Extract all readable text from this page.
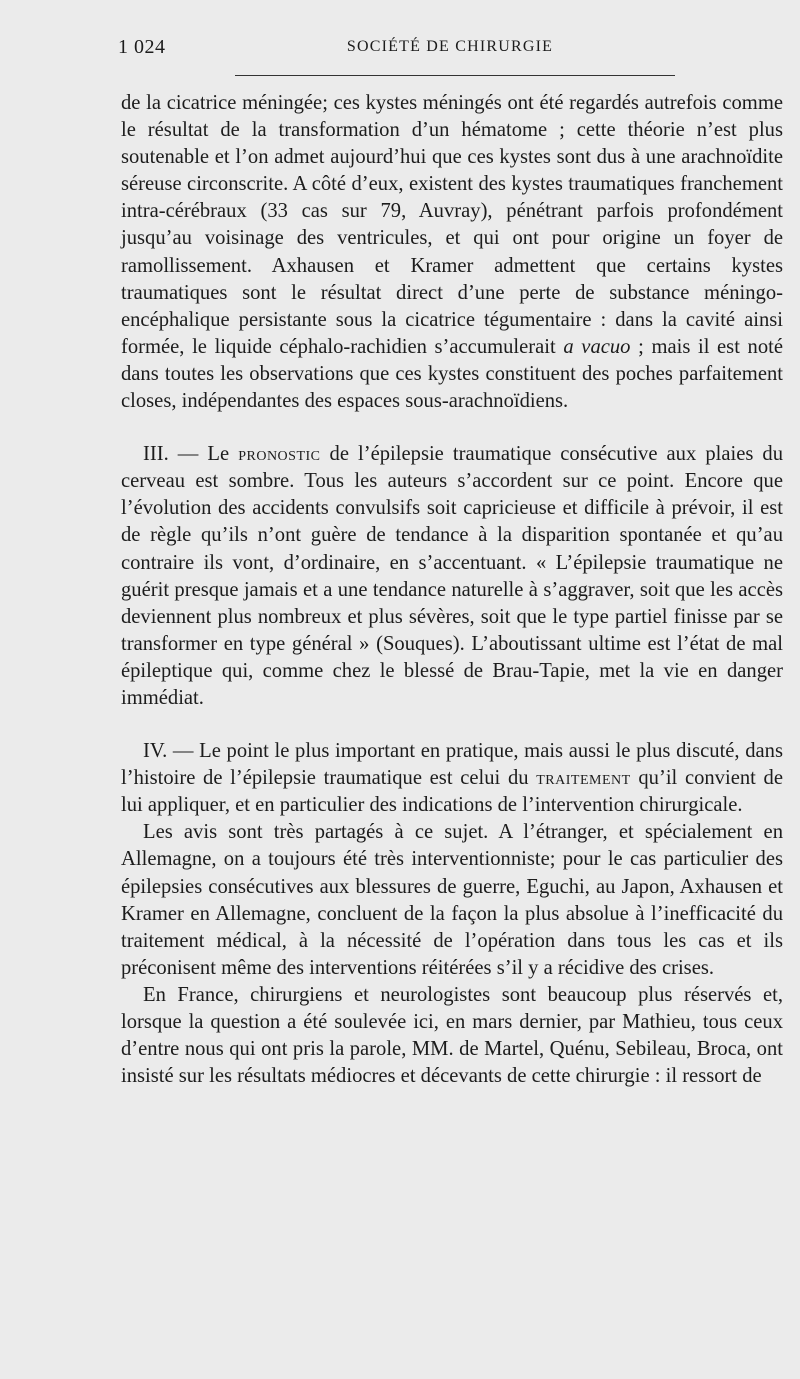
1 024	SOCIÉTÉ DE CHIRURGIE

de la cicatrice méningée; ces kystes méningés ont été regardés autrefois comme le résultat de la transformation d’un hématome ; cette théorie n’est plus soutenable et l’on admet aujourd’hui que ces kystes sont dus à une arachnoïdite séreuse circonscrite. A côté d’eux, existent des kystes traumatiques franchement intra-cérébraux (33 cas sur 79, Auvray), pénétrant parfois profondément jusqu’au voisinage des ventricules, et qui ont pour origine un foyer de ramollissement. Axhausen et Kramer admettent que certains kystes traumatiques sont le résultat direct d’une perte de substance méningo-encéphalique persistante sous la cicatrice tégumentaire : dans la cavité ainsi formée, le liquide céphalo-rachidien s’accumulerait a vacuo ; mais il est noté dans toutes les observations que ces kystes constituent des poches parfaitement closes, indépendantes des espaces sous-arachnoïdiens.

III. — Le pronostic de l’épilepsie traumatique consécutive aux plaies du cerveau est sombre. Tous les auteurs s’accordent sur ce point. Encore que l’évolution des accidents convulsifs soit capricieuse et difficile à prévoir, il est de règle qu’ils n’ont guère de tendance à la disparition spontanée et qu’au contraire ils vont, d’ordinaire, en s’accentuant. « L’épilepsie traumatique ne guérit presque jamais et a une tendance naturelle à s’aggraver, soit que les accès deviennent plus nombreux et plus sévères, soit que le type partiel finisse par se transformer en type général » (Souques). L’aboutissant ultime est l’état de mal épileptique qui, comme chez le blessé de Brau-Tapie, met la vie en danger immédiat.

IV. — Le point le plus important en pratique, mais aussi le plus discuté, dans l’histoire de l’épilepsie traumatique est celui du traitement qu’il convient de lui appliquer, et en particulier des indications de l’intervention chirurgicale.

Les avis sont très partagés à ce sujet. A l’étranger, et spécialement en Allemagne, on a toujours été très interventionniste; pour le cas particulier des épilepsies consécutives aux blessures de guerre, Eguchi, au Japon, Axhausen et Kramer en Allemagne, concluent de la façon la plus absolue à l’inefficacité du traitement médical, à la nécessité de l’opération dans tous les cas et ils préconisent même des interventions réitérées s’il y a récidive des crises.

En France, chirurgiens et neurologistes sont beaucoup plus réservés et, lorsque la question a été soulevée ici, en mars dernier, par Mathieu, tous ceux d’entre nous qui ont pris la parole, MM. de Martel, Quénu, Sebileau, Broca, ont insisté sur les résultats médiocres et décevants de cette chirurgie : il ressort de
